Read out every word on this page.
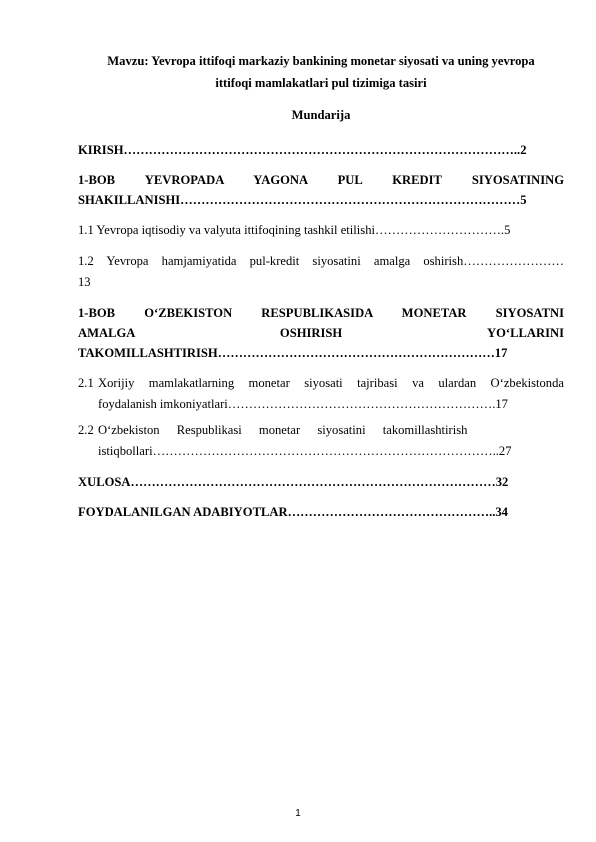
Mavzu: Yevropa ittifoqi markaziy bankining monetar siyosati va uning yevropa
ittifoqi mamlakatlari pul tizimiga tasiri
Mundarija
KIRISH…………………………………………………………………………………..2
1-BOB YEVROPADA YAGONA PUL KREDIT SIYOSATINING
SHAKILLANISHI………………………………………………………………………5
1.1 Yevropa iqtisodiy va valyuta ittifoqining tashkil etilishi………………………….5
1.2 Yevropa hamjamiyatida pul-kredit siyosatini amalga oshirish……………………
13
1-BOB O‘ZBEKISTON RESPUBLIKASIDA MONETAR SIYOSATNI
AMALGA OSHIRISH YO‘LLARINI
TAKOMILLASHTIRISH…………………………………………………………17
2.1 Xorijiy mamlakatlarning monetar siyosati tajribasi va ulardan O‘zbekistonda
foydalanish imkoniyatlari……………………………………………………….17
2.2 O‘zbekiston Respublikasi monetar siyosatini takomillashtirish
istiqbollari………………………………………………………………………..27
XULOSA……………………………………………………………………………32
FOYDALANILGAN ADABIYOTLAR…………………………………………..34
1
